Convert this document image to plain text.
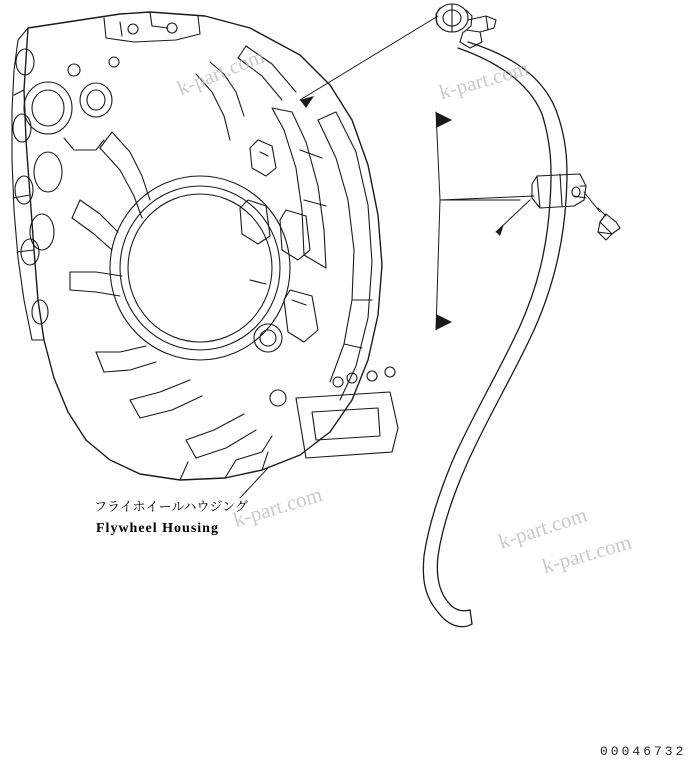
k-part.com	k-part.com
k-part.com	k-part.com
k-part.com
フライホイールハウジング
Flywheel Housing
00046732
